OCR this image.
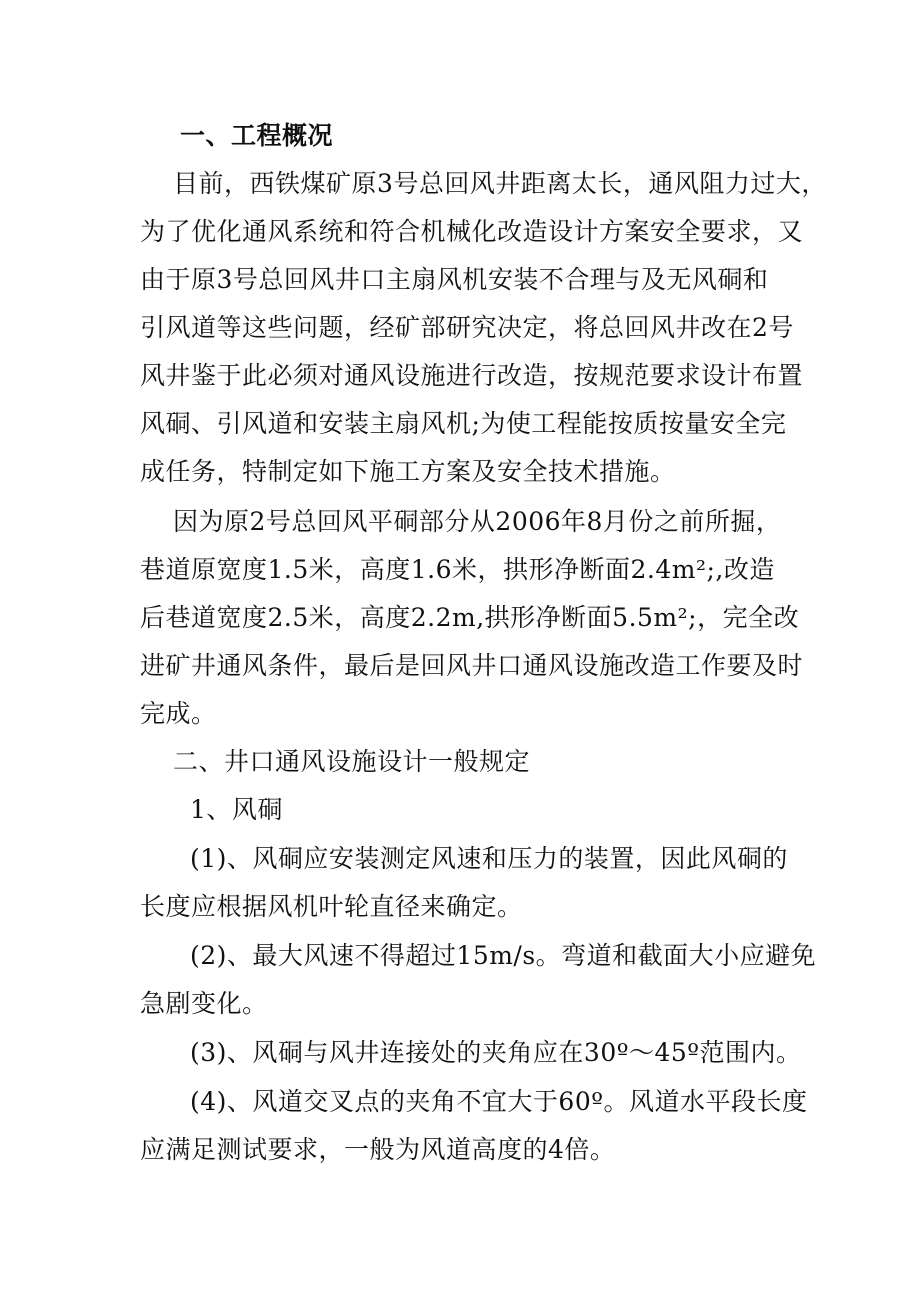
一、工程概况
目前，西铁煤矿原3号总回风井距离太长，通风阻力过大，
为了优化通风系统和符合机械化改造设计方案安全要求，又
由于原3号总回风井口主扇风机安装不合理与及无风硐和
引风道等这些问题，经矿部研究决定，将总回风井改在2号
风井鉴于此必须对通风设施进行改造，按规范要求设计布置
风硐、引风道和安装主扇风机;为使工程能按质按量安全完
成任务，特制定如下施工方案及安全技术措施。
因为原2号总回风平硐部分从2006年8月份之前所掘，
巷道原宽度1.5米，高度1.6米，拱形净断面2.4m²;,改造
后巷道宽度2.5米，高度2.2m,拱形净断面5.5m²;，完全改
进矿井通风条件，最后是回风井口通风设施改造工作要及时
完成。
二、井口通风设施设计一般规定
1、风硐
(1)、风硐应安装测定风速和压力的装置，因此风硐的
长度应根据风机叶轮直径来确定。
(2)、最大风速不得超过15m/s。弯道和截面大小应避免
急剧变化。
(3)、风硐与风井连接处的夹角应在30º～45º范围内。
(4)、风道交叉点的夹角不宜大于60º。风道水平段长度
应满足测试要求，一般为风道高度的4倍。
